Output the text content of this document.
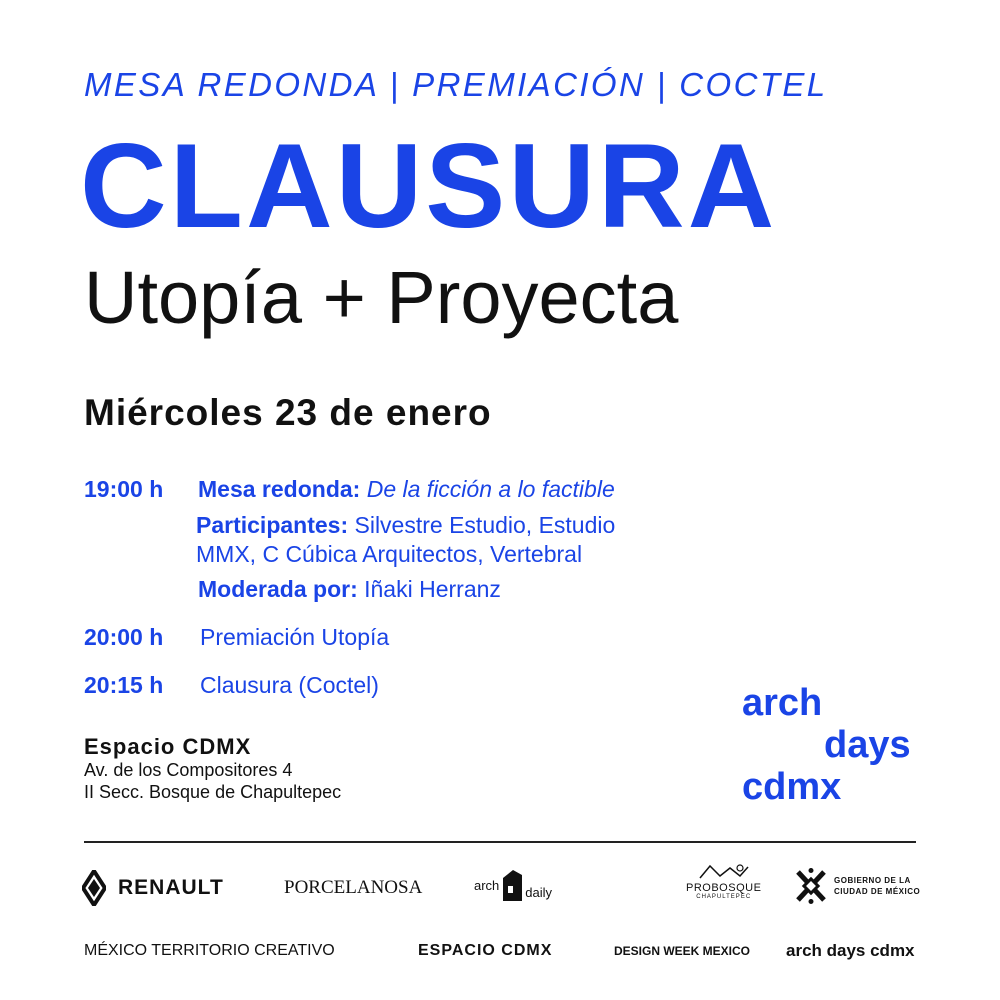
MESA REDONDA | PREMIACIÓN | COCTEL
CLAUSURA
Utopía + Proyecta
Miércoles 23 de enero
19:00 h Mesa redonda: De la ficción a lo factible
Participantes: Silvestre Estudio, Estudio
MMX, C Cúbica Arquitectos, Vertebral
Moderada por: Iñaki Herranz
20:00 h Premiación Utopía
20:15 h Clausura (Coctel)
Espacio CDMX
Av. de los Compositores 4
II Secc. Bosque de Chapultepec
arch
days
cdmx
RENAULT	PORCELANOSA	arch daily	PROBOSQUE
CHAPULTEPEC
GOBIERNO DE LA
CIUDAD DE MÉXICO
MÉXICO TERRITORIO CREATIVO	ESPACIO CDMX	DESIGN WEEK MEXICO arch days cdmx
